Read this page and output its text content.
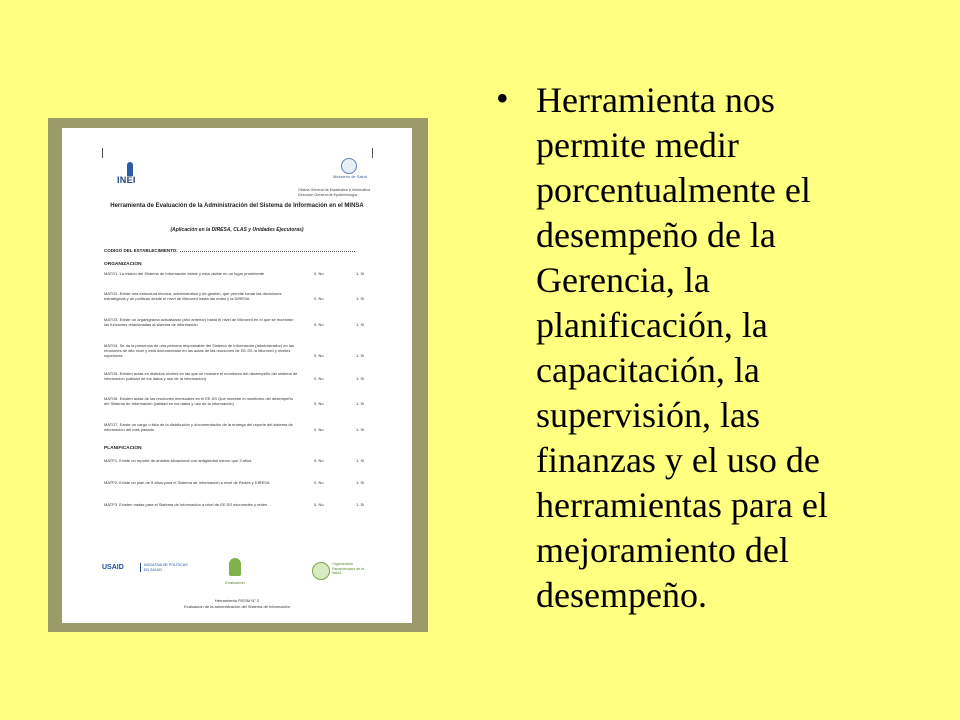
INEI	Ministerio de Salud
Oficina General de Estadística e Informática
Dirección General de Epidemiología
Herramienta de Evaluación de la Administración del Sistema de Información en el MINSA
(Aplicación en la DIRESA, CLAS y Unidades Ejecutoras)
CODIGO DEL ESTABLECIMIENTO:
ORGANIZACION
MATO1. La misión del Sistema de Información existe y está visible en un lugar prominente	0. No	1. Si
MATO2. Existe una estructura técnica, administrativa y de gestión, que permite tomar las decisiones estratégicas y de políticas desde el nivel de Microred hasta las redes y la DIRESA	0. No	1. Si
MATO3. Existe un organigrama actualizado (año anterior) hasta el nivel de Microred en el que se muestran las funciones relacionadas al sistema de información	0. No	1. Si
MATO4. Se da la presencia de una persona responsable del Sistema de Información (administrador) en las reuniones de alto nivel y está documentado en las actas de las reuniones de EE.SS /a Microred y niveles superiores	0. No	1. Si
MATO5. Existen actas en distintos niveles en las que se muestre el monitoreo del desempeño del sistema de información (calidad de los datos y uso de la información)	0. No	1. Si
MATO6. Existen actas de las reuniones mensuales en el EE.SS Que muestre el monitoreo del desempeño del Sistema de Información (calidad en los datos y uso de la información)	0. No	1. Si
MATO7. Existe un cargo o lista de la distribución y documentación de la entrega del reporte del sistema de información del mes pasado	0. No	1. Si
PLANIFICACION
MATP1. Existe un reporte de análisis situacional con antigüedad menor que 3 años	0. No	1. Si
MATP2. Existe un plan de 5 años para el Sistema de Información a nivel de Redes y DIRESA	0. No	1. Si
MATP3. Existen metas para el Sistema de Información a nivel de EE.SS microredes y redes	0. No	1. Si
USAID	INICIATIVA DE POLÍTICAS EN SALUD
Evaluación
Organización Panamericana de la Salud
Herramienta FIESM N° 2
Evaluación de la administración del Sistema de Información
• Herramienta nos permite medir porcentualmente el desempeño de la Gerencia, la planificación, la capacitación, la supervisión, las finanzas y el uso de herramientas para el mejoramiento del desempeño.
